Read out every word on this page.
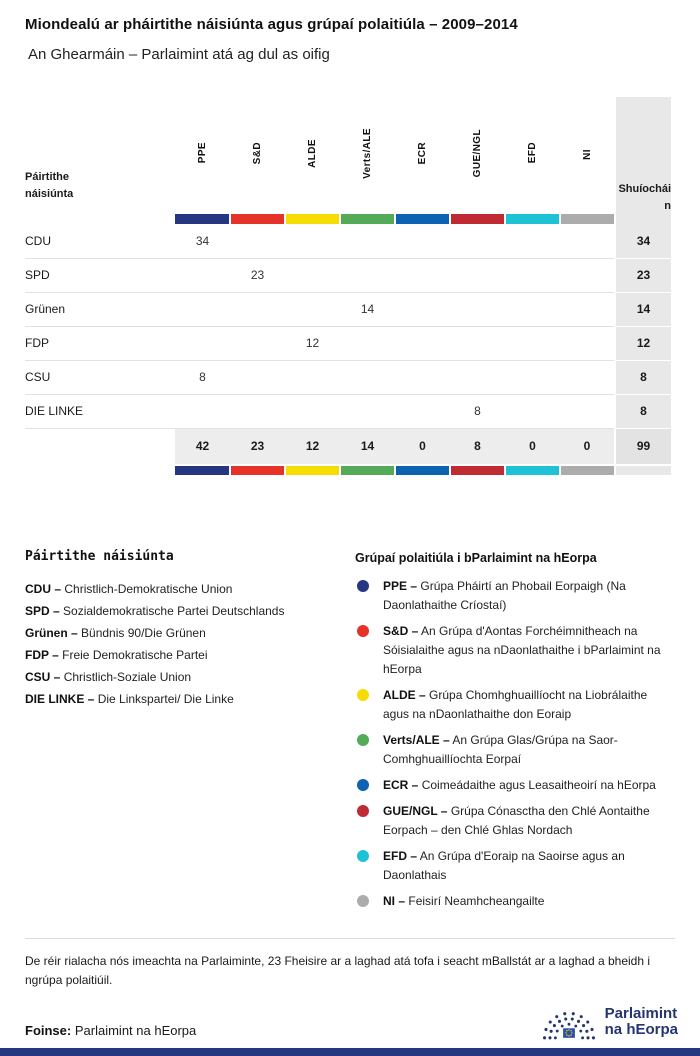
Miondealú ar pháirtithe náisiúnta agus grúpaí polaitiúla – 2009–2014
An Ghearmáin – Parlaimint atá ag dul as oifig
Páirtithe náisiúnta	PPE	S&D	ALDE	Verts/ALE	ECR	GUE/NGL	EFD	NI	Shuíocháin

CDU	34								34
SPD		23							23
Grünen				14					14
FDP			12						12
CSU	8								8
DIE LINKE						8			8
	42	23	12	14	0	8	0	0	99

Páirtithe náisiúnta
CDU – Christlich-Demokratische Union
SPD – Sozialdemokratische Partei Deutschlands
Grünen – Bündnis 90/Die Grünen
FDP – Freie Demokratische Partei
CSU – Christlich-Soziale Union
DIE LINKE – Die Linkspartei/ Die Linke
Grúpaí polaitiúla i bParlaimint na hEorpa
PPE – Grúpa Pháirtí an Phobail Eorpaigh (Na Daonlathaithe Críostaí)
S&D – An Grúpa d'Aontas Forchéimnitheach na Sóisialaithe agus na nDaonlathaithe i bParlaimint na hEorpa
ALDE – Grúpa Chomhghuaillíocht na Liobrálaithe agus na nDaonlathaithe don Eoraip
Verts/ALE – An Grúpa Glas/Grúpa na Saor-Comhghuaillíochta Eorpaí
ECR – Coimeádaithe agus Leasaitheoirí na hEorpa
GUE/NGL – Grúpa Cónasctha den Chlé Aontaithe Eorpach – den Chlé Ghlas Nordach
EFD – An Grúpa d'Eoraip na Saoirse agus an Daonlathais
NI – Feisirí Neamhcheangailte
De réir rialacha nós imeachta na Parlaiminte, 23 Fheisire ar a laghad atá tofa i seacht mBallstát ar a laghad a bheidh i ngrúpa polaitiúil.
Foinse: Parlaimint na hEorpa
Parlaimint
na hEorpa
